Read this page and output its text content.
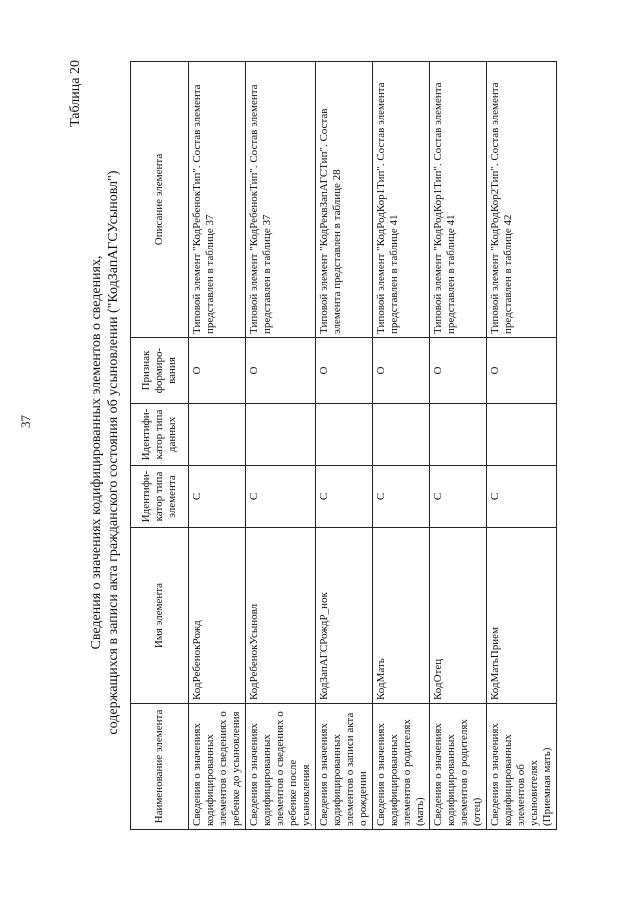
Таблица 20
Сведения о значениях кодифицированных элементов о сведениях, содержащихся в записи акта гражданского состояния об усыновлении ("КодЗапАГСУсыновл")
Наименование элемента	Имя элемента	Идентифи-катор типа элемента	Идентифи-катор типа данных	Признак формиро-вания	Описание элемента
Сведения о значениях кодифицированных элементов о сведениях о ребенке до усыновления	КодРебенокРожд	С		О	Типовой элемент "КодРебенокТип". Состав элемента представлен в таблице 37
Сведения о значениях кодифицированных элементов о сведениях о ребенке после усыновления	КодРебенокУсыновл	С		О	Типовой элемент "КодРебенокТип". Состав элемента представлен в таблице 37
Сведения о значениях кодифицированных элементов о записи акта о рождении	КодЗапАГСРождР_нок	С		О	Типовой элемент "КодРеквЗапАГСТип". Состав элемента представлен в таблице 28
Сведения о значениях кодифицированных элементов о родителях (мать)	КодМать	С		О	Типовой элемент "КодРодКор1Тип". Состав элемента представлен в таблице 41
Сведения о значениях кодифицированных элементов о родителях (отец)	КодОтец	С		О	Типовой элемент "КодРодКор1Тип". Состав элемента представлен в таблице 41
Сведения о значениях кодифицированных элементов об усыновителях (Приемная мать)	КодМатьПрием	С		О	Типовой элемент "КодРодКор2Тип". Состав элемента представлен в таблице 42
37
